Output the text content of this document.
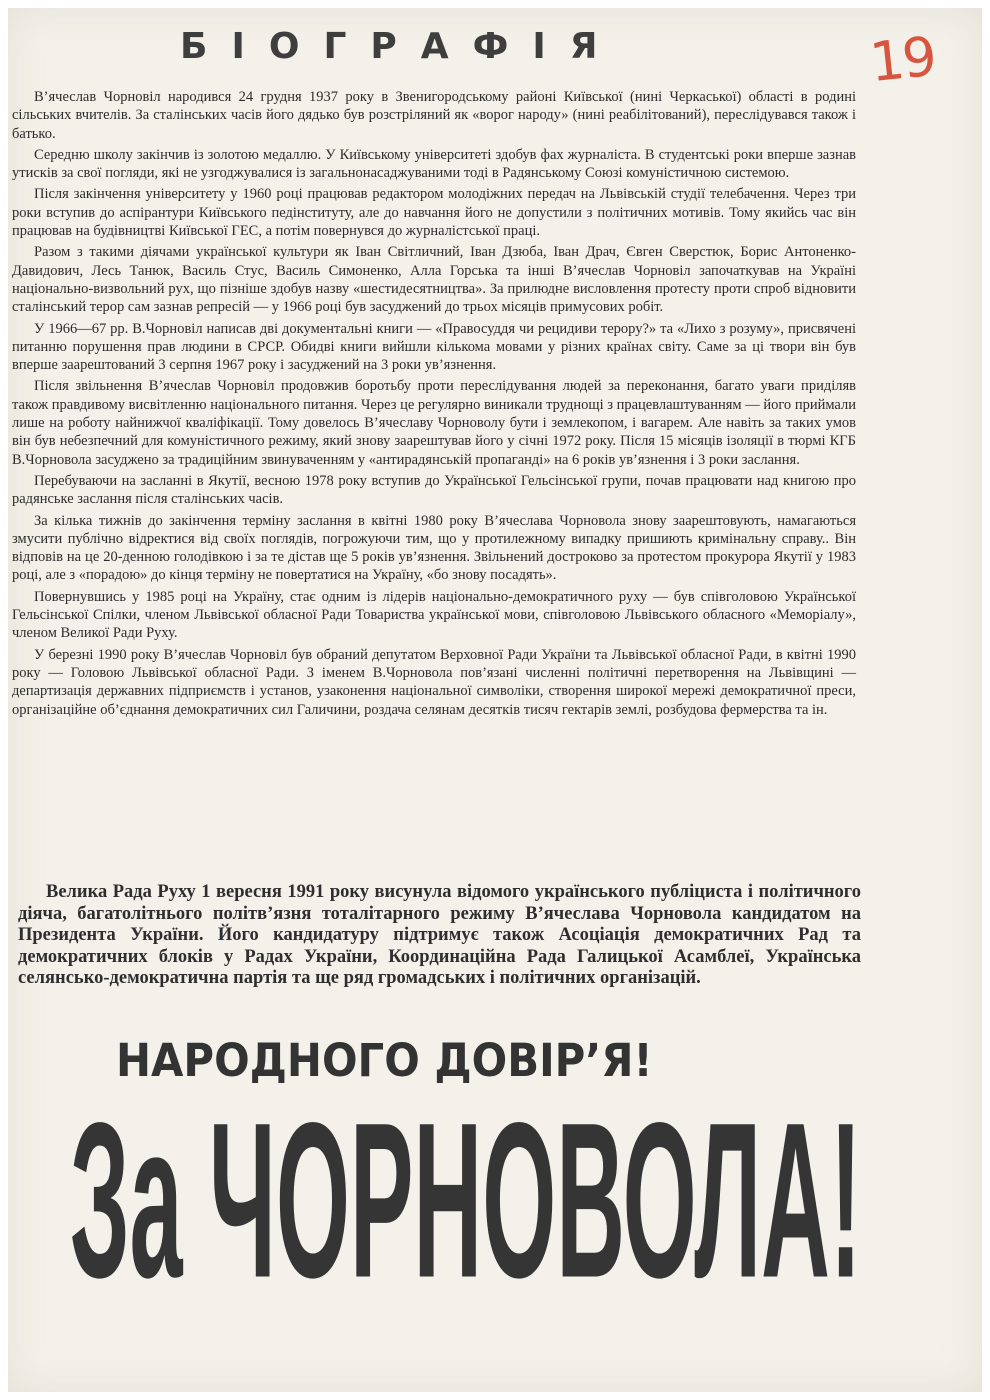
19
БІОГРАФІЯ

В’ячеслав Чорновіл народився 24 грудня 1937 року в Звенигородському районі Київської (нині Черкаської) області в родині сільських вчителів. За сталінських часів його дядько був розстріляний як «ворог народу» (нині реабілітований), переслідувався також і батько.

Середню школу закінчив із золотою медаллю. У Київському університеті здобув фах журналіста. В студентські роки вперше зазнав утисків за свої погляди, які не узгоджувалися із загальнонасаджуваними тоді в Радянському Союзі комуністичною системою.

Після закінчення університету у 1960 році працював редактором молодіжних передач на Львівській студії телебачення. Через три роки вступив до аспірантури Київського педінституту, але до навчання його не допустили з політичних мотивів. Тому якийсь час він працював на будівництві Київської ГЕС, а потім повернувся до журналістської праці.

Разом з такими діячами української культури як Іван Світличний, Іван Дзюба, Іван Драч, Євген Сверстюк, Борис Антоненко-Давидович, Лесь Танюк, Василь Стус, Василь Симоненко, Алла Горська та інші В’ячеслав Чорновіл започаткував на Україні національно-визвольний рух, що пізніше здобув назву «шестидесятництва». За прилюдне висловлення протесту проти спроб відновити сталінський терор сам зазнав репресій — у 1966 році був засуджений до трьох місяців примусових робіт.

У 1966—67 рр. В.Чорновіл написав дві документальні книги — «Правосуддя чи рецидиви терору?» та «Лихо з розуму», присвячені питанню порушення прав людини в СРСР. Обидві книги вийшли кількома мовами у різних країнах світу. Саме за ці твори він був вперше заарештований 3 серпня 1967 року і засуджений на 3 роки ув’язнення.

Після звільнення В’ячеслав Чорновіл продовжив боротьбу проти переслідування людей за переконання, багато уваги приділяв також правдивому висвітленню національного питання. Через це регулярно виникали труднощі з працевлаштуванням — його приймали лише на роботу найнижчої кваліфікації. Тому довелось В’ячеславу Чорноволу бути і землекопом, і вагарем. Але навіть за таких умов він був небезпечний для комуністичного режиму, який знову заарештував його у січні 1972 року. Після 15 місяців ізоляції в тюрмі КГБ В.Чорновола засуджено за традиційним звинуваченням у «антирадянській пропаганді» на 6 років ув’язнення і 3 роки заслання.

Перебуваючи на засланні в Якутії, весною 1978 року вступив до Української Гельсінської групи, почав працювати над книгою про радянське заслання після сталінських часів.

За кілька тижнів до закінчення терміну заслання в квітні 1980 року В’ячеслава Чорновола знову заарештовують, намагаються змусити публічно відректися від своїх поглядів, погрожуючи тим, що у протилежному випадку пришиють кримінальну справу.. Він відповів на це 20-денною голодівкою і за те дістав ще 5 років ув’язнення. Звільнений достроково за протестом прокурора Якутії у 1983 році, але з «порадою» до кінця терміну не повертатися на Україну, «бо знову посадять».

Повернувшись у 1985 році на Україну, стає одним із лідерів національно-демократичного руху — був співголовою Української Гельсінської Спілки, членом Львівської обласної Ради Товариства української мови, співголовою Львівського обласного «Меморіалу», членом Великої Ради Руху.

У березні 1990 року В’ячеслав Чорновіл був обраний депутатом Верховної Ради України та Львівської обласної Ради, в квітні 1990 року — Головою Львівської обласної Ради. З іменем В.Чорновола пов’язані численні політичні перетворення на Львівщині — департизація державних підприємств і установ, узаконення національної символіки, створення широкої мережі демократичної преси, організаційне об’єднання демократичних сил Галичини, роздача селянам десятків тисяч гектарів землі, розбудова фермерства та ін.

Велика Рада Руху 1 вересня 1991 року висунула відомого українського публіциста і політичного діяча, багатолітнього політв’язня тоталітарного режиму В’ячеслава Чорновола кандидатом на Президента України. Його кандидатуру підтримує також Асоціація демократичних Рад та демократичних блоків у Радах України, Координаційна Рада Галицької Асамблеї, Українська селянсько-демократична партія та ще ряд громадських і політичних організацій.
НАРОДНОГО ДОВІР’Я!
За ЧОРНОВОЛА!
